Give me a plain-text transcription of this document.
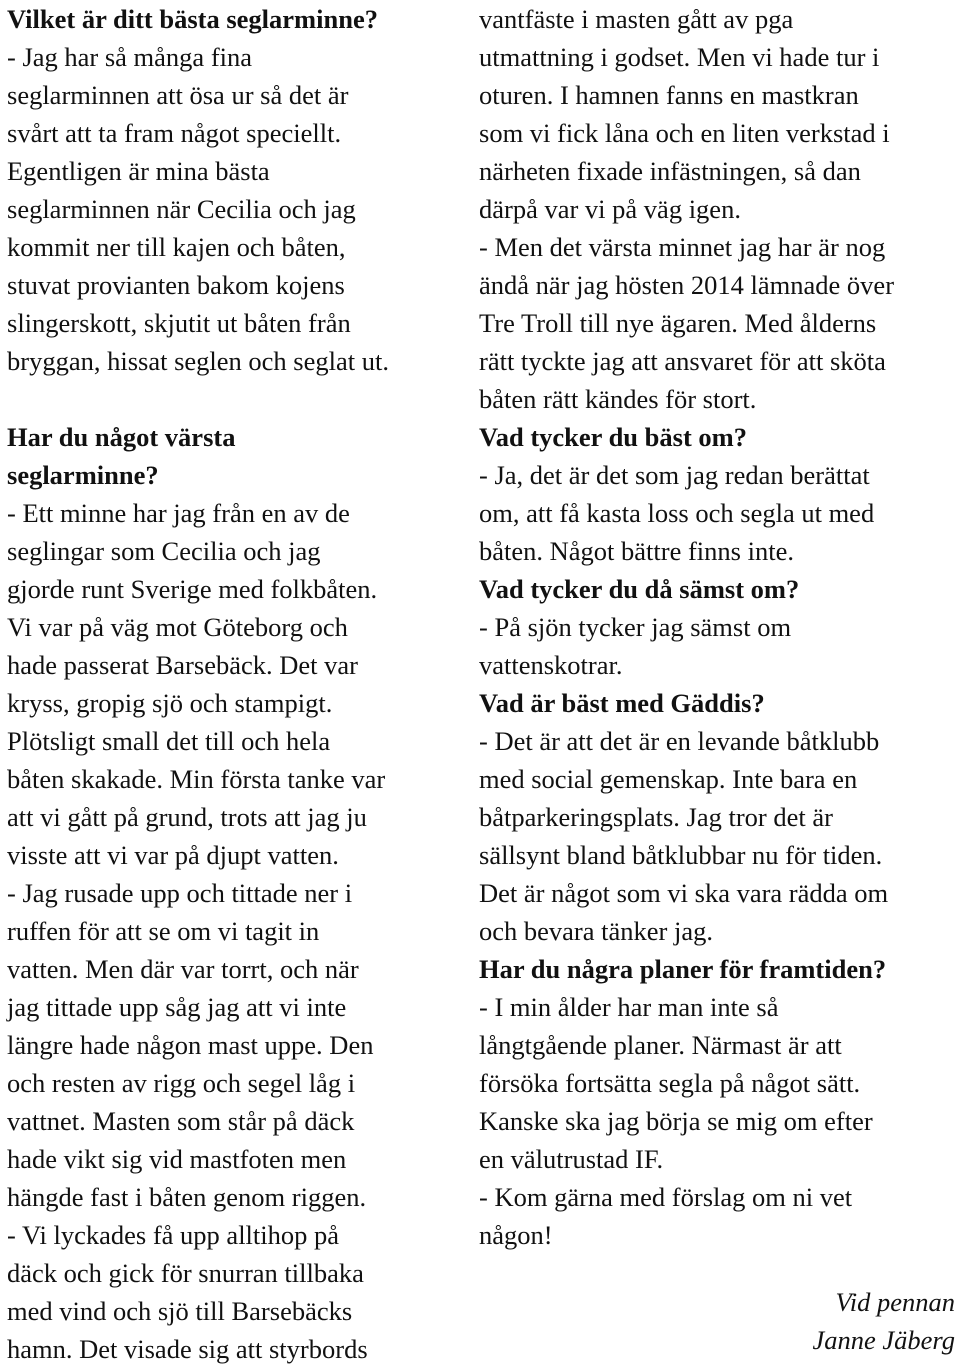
Vilket är ditt bästa seglarminne?
- Jag har så många fina
seglarminnen att ösa ur så det är
svårt att ta fram något speciellt.
Egentligen är mina bästa
seglarminnen när Cecilia och jag
kommit ner till kajen och båten,
stuvat provianten bakom kojens
slingerskott, skjutit ut båten från
bryggan, hissat seglen och seglat ut.
Har du något värsta
seglarminne?
- Ett minne har jag från en av de
seglingar som Cecilia och jag
gjorde runt Sverige med folkbåten.
Vi var på väg mot Göteborg och
hade passerat Barsebäck. Det var
kryss, gropig sjö och stampigt.
Plötsligt small det till och hela
båten skakade. Min första tanke var
att vi gått på grund, trots att jag ju
visste att vi var på djupt vatten.
- Jag rusade upp och tittade ner i
ruffen för att se om vi tagit in
vatten. Men där var torrt, och när
jag tittade upp såg jag att vi inte
längre hade någon mast uppe. Den
och resten av rigg och segel låg i
vattnet. Masten som står på däck
hade vikt sig vid mastfoten men
hängde fast i båten genom riggen.
- Vi lyckades få upp alltihop på
däck och gick för snurran tillbaka
med vind och sjö till Barsebäcks
hamn. Det visade sig att styrbords
vantfäste i masten gått av pga
utmattning i godset. Men vi hade tur i
oturen. I hamnen fanns en mastkran
som vi fick låna och en liten verkstad i
närheten fixade infästningen, så dan
därpå var vi på väg igen.
- Men det värsta minnet jag har är nog
ändå när jag hösten 2014 lämnade över
Tre Troll till nye ägaren. Med ålderns
rätt tyckte jag att ansvaret för att sköta
båten rätt kändes för stort.
Vad tycker du bäst om?
- Ja, det är det som jag redan berättat
om, att få kasta loss och segla ut med
båten. Något bättre finns inte.
Vad tycker du då sämst om?
- På sjön tycker jag sämst om
vattenskotrar.
Vad är bäst med Gäddis?
- Det är att det är en levande båtklubb
med social gemenskap. Inte bara en
båtparkeringsplats. Jag tror det är
sällsynt bland båtklubbar nu för tiden.
Det är något som vi ska vara rädda om
och bevara tänker jag.
Har du några planer för framtiden?
- I min ålder har man inte så
långtgående planer. Närmast är att
försöka fortsätta segla på något sätt.
Kanske ska jag börja se mig om efter
en välutrustad IF.
- Kom gärna med förslag om ni vet
någon!
Vid pennan
Janne Jäberg
